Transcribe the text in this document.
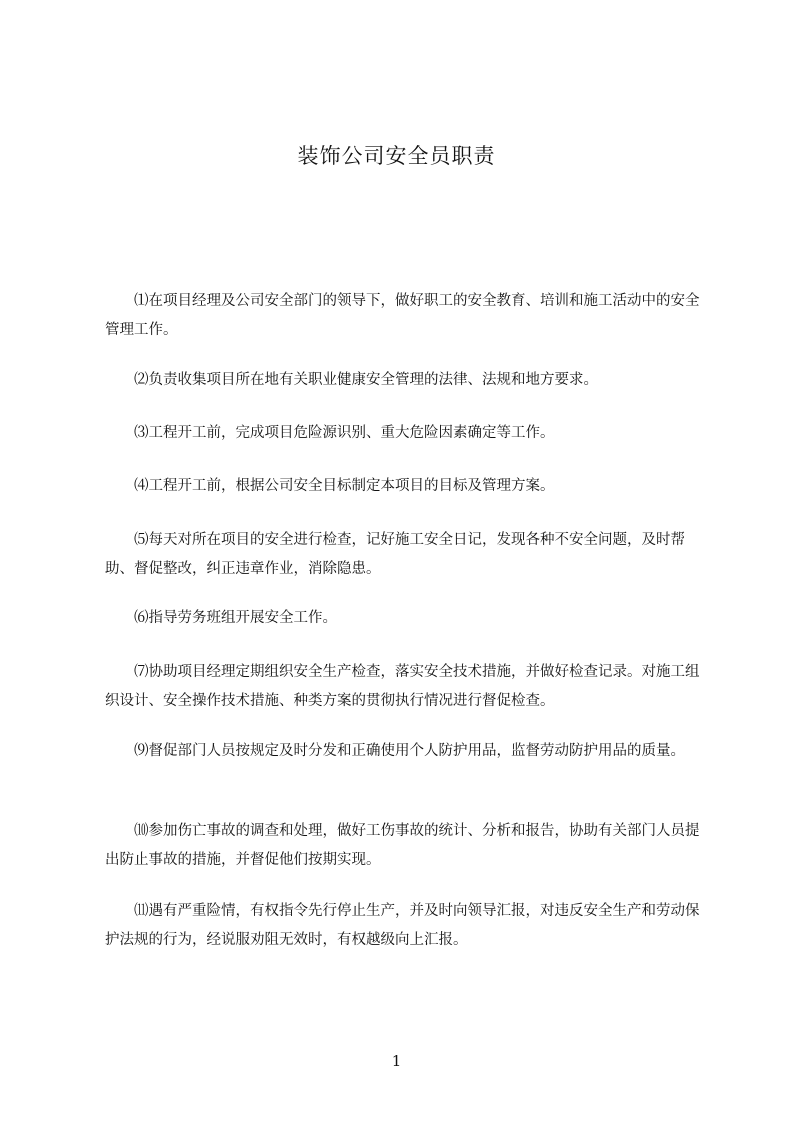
装饰公司安全员职责

　　⑴在项目经理及公司安全部门的领导下，做好职工的安全教育、培训和施工活动中的安全管理工作。

　　⑵负责收集项目所在地有关职业健康安全管理的法律、法规和地方要求。

　　⑶工程开工前，完成项目危险源识别、重大危险因素确定等工作。

　　⑷工程开工前，根据公司安全目标制定本项目的目标及管理方案。

　　⑸每天对所在项目的安全进行检查，记好施工安全日记，发现各种不安全问题，及时帮助、督促整改，纠正违章作业，消除隐患。

　　⑹指导劳务班组开展安全工作。

　　⑺协助项目经理定期组织安全生产检查，落实安全技术措施，并做好检查记录。对施工组织设计、安全操作技术措施、种类方案的贯彻执行情况进行督促检查。

　　⑼督促部门人员按规定及时分发和正确使用个人防护用品，监督劳动防护用品的质量。

　　⑽参加伤亡事故的调查和处理，做好工伤事故的统计、分析和报告，协助有关部门人员提出防止事故的措施，并督促他们按期实现。

　　⑾遇有严重险情，有权指令先行停止生产，并及时向领导汇报，对违反安全生产和劳动保护法规的行为，经说服劝阻无效时，有权越级向上汇报。

1
